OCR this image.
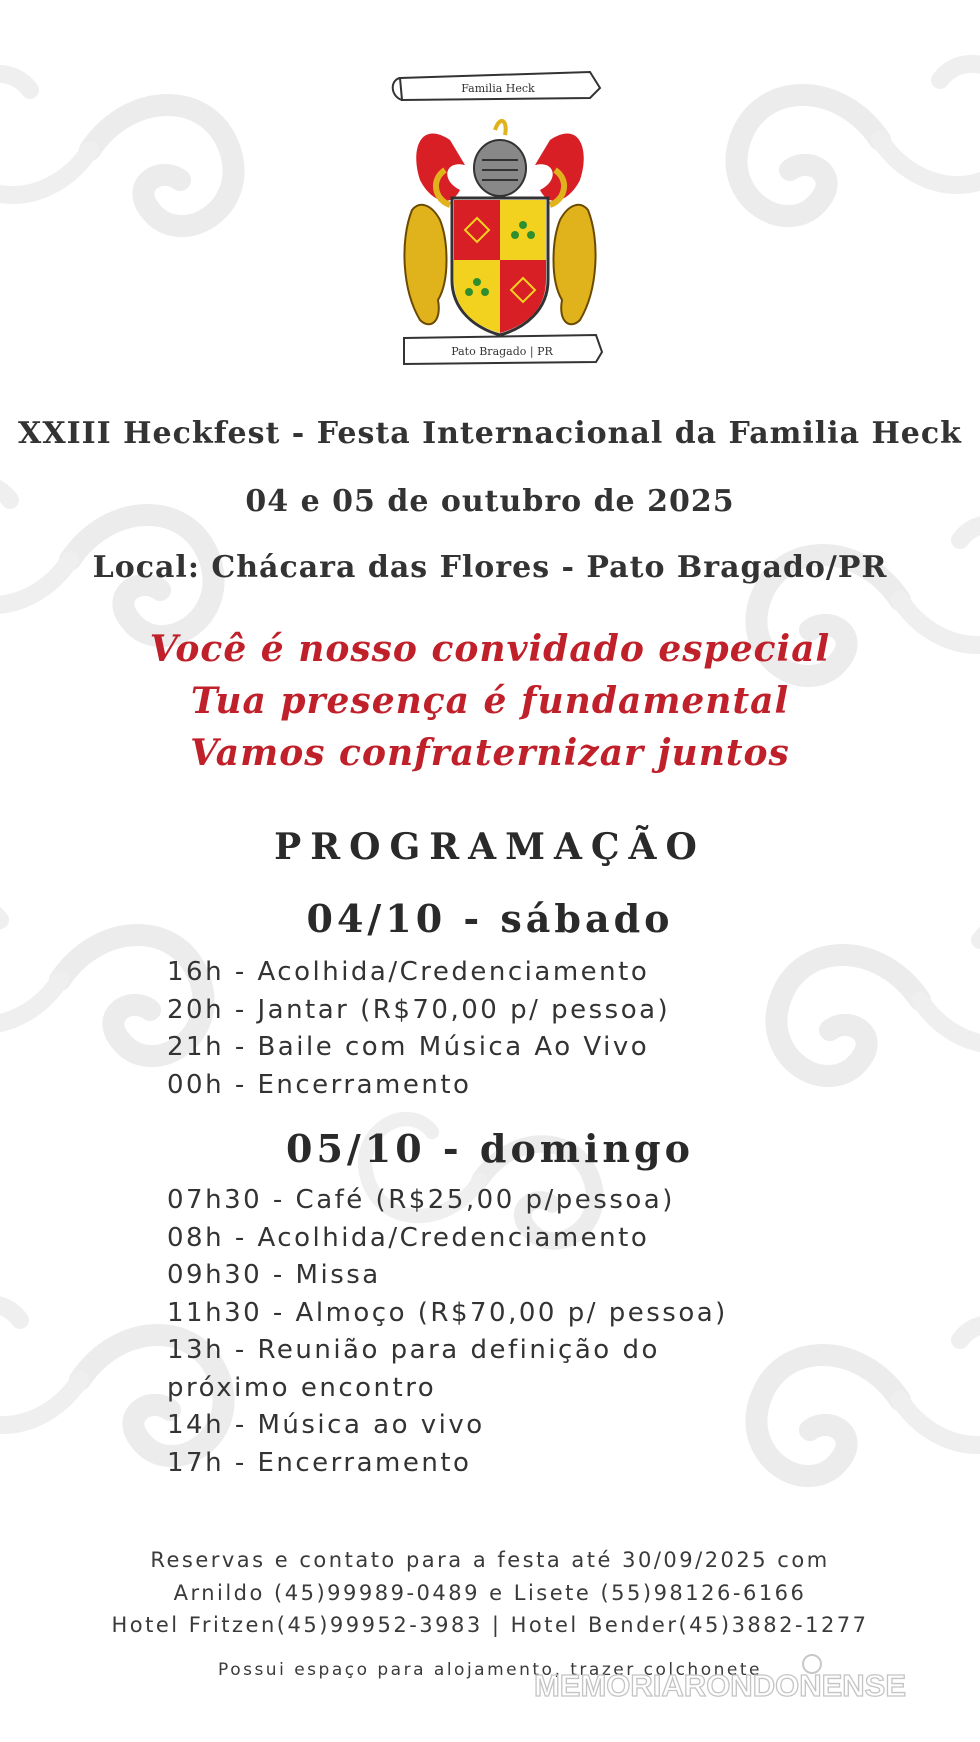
Familia Heck
Pato Bragado | PR
XXIII Heckfest - Festa Internacional da Familia Heck
04 e 05 de outubro de 2025
Local: Chácara das Flores - Pato Bragado/PR
Você é nosso convidado especial
Tua presença é fundamental
Vamos confraternizar juntos
PROGRAMAÇÃO
04/10 - sábado
16h - Acolhida/Credenciamento
20h - Jantar (R$70,00 p/ pessoa)
21h - Baile com Música Ao Vivo
00h - Encerramento
05/10 - domingo
07h30 - Café (R$25,00 p/pessoa)
08h - Acolhida/Credenciamento
09h30 - Missa
11h30 - Almoço (R$70,00 p/ pessoa)
13h - Reunião para definição do
próximo encontro
14h - Música ao vivo
17h - Encerramento
Reservas e contato para a festa até 30/09/2025 com
Arnildo (45)99989-0489 e Lisete (55)98126-6166
Hotel Fritzen(45)99952-3983 | Hotel Bender(45)3882-1277
Possui espaço para alojamento, trazer colchonete
MEMORIARONDONENSE
